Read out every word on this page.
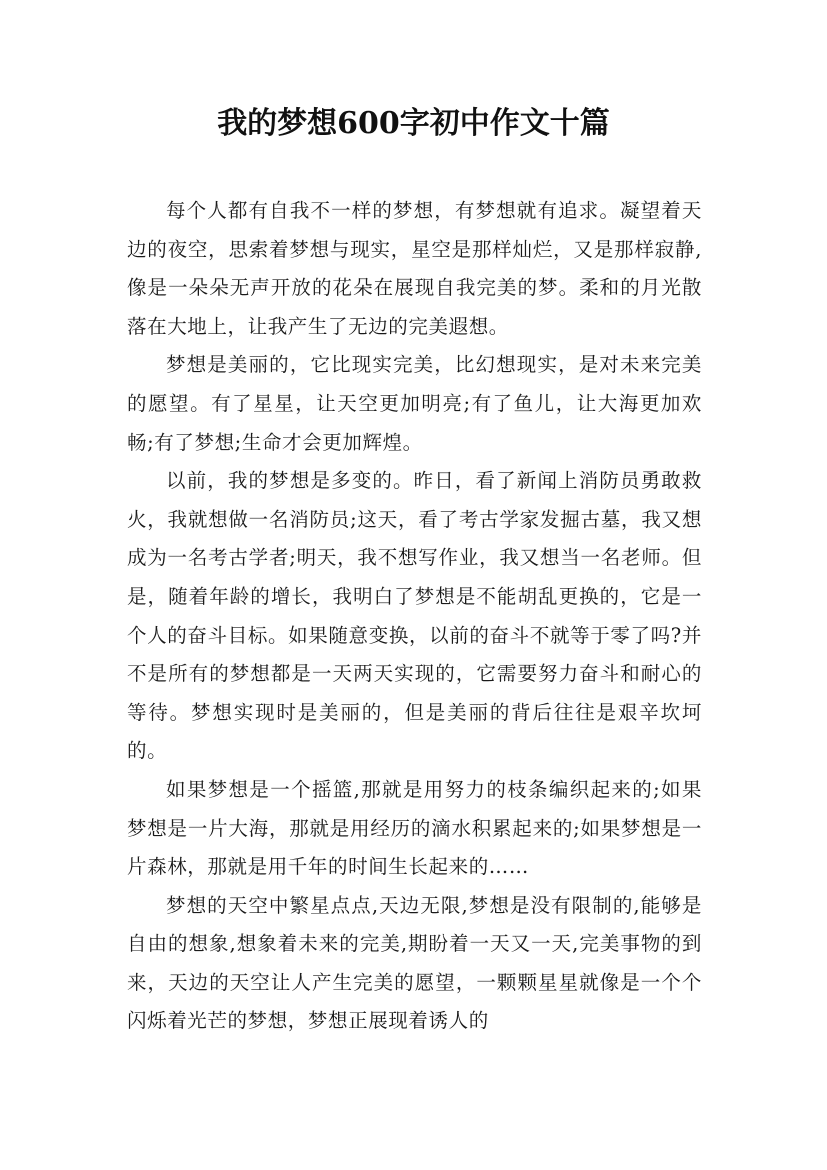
我的梦想600字初中作文十篇

每个人都有自我不一样的梦想，有梦想就有追求。凝望着天边的夜空，思索着梦想与现实，星空是那样灿烂，又是那样寂静,像是一朵朵无声开放的花朵在展现自我完美的梦。柔和的月光散落在大地上，让我产生了无边的完美遐想。

梦想是美丽的，它比现实完美，比幻想现实，是对未来完美的愿望。有了星星，让天空更加明亮;有了鱼儿，让大海更加欢畅;有了梦想;生命才会更加辉煌。

以前，我的梦想是多变的。昨日，看了新闻上消防员勇敢救火，我就想做一名消防员;这天，看了考古学家发掘古墓，我又想成为一名考古学者;明天，我不想写作业，我又想当一名老师。但是，随着年龄的增长，我明白了梦想是不能胡乱更换的，它是一个人的奋斗目标。如果随意变换，以前的奋斗不就等于零了吗?并不是所有的梦想都是一天两天实现的，它需要努力奋斗和耐心的等待。梦想实现时是美丽的，但是美丽的背后往往是艰辛坎坷的。

如果梦想是一个摇篮,那就是用努力的枝条编织起来的;如果梦想是一片大海，那就是用经历的滴水积累起来的;如果梦想是一片森林，那就是用千年的时间生长起来的……

梦想的天空中繁星点点,天边无限,梦想是没有限制的,能够是自由的想象,想象着未来的完美,期盼着一天又一天,完美事物的到来，天边的天空让人产生完美的愿望，一颗颗星星就像是一个个闪烁着光芒的梦想，梦想正展现着诱人的
